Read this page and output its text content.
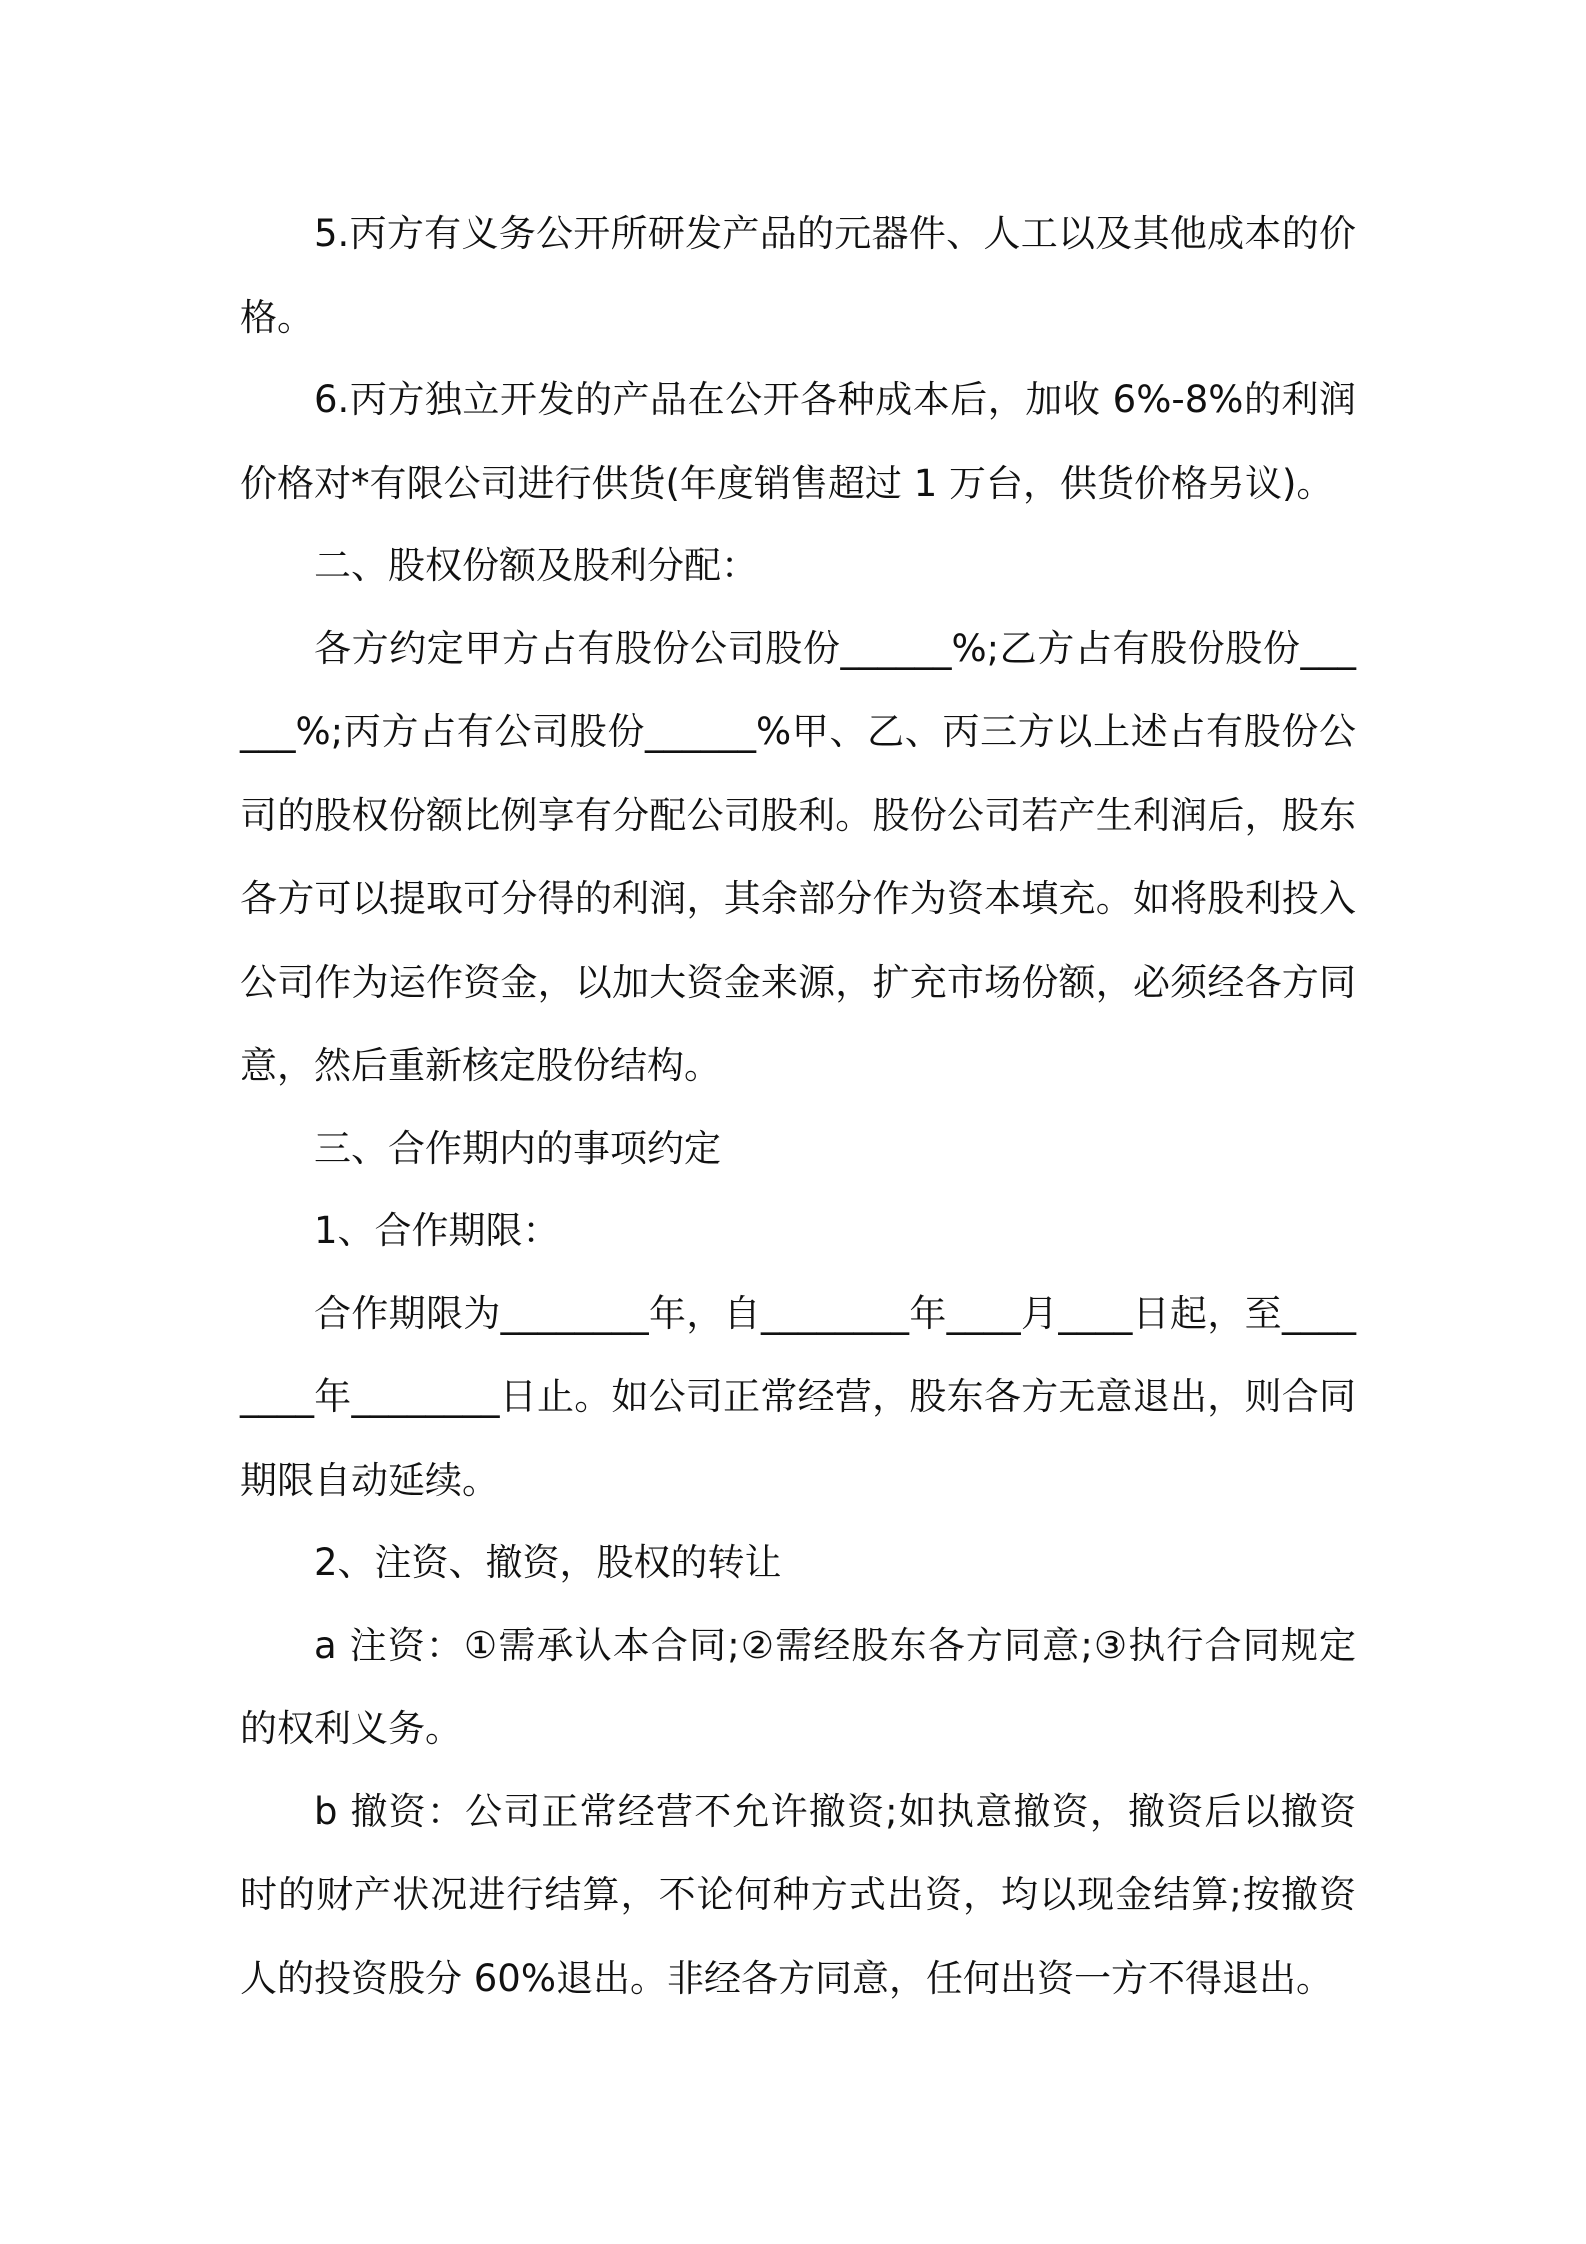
5.丙方有义务公开所研发产品的元器件、人工以及其他成本的价格。

6.丙方独立开发的产品在公开各种成本后，加收 6%-8%的利润价格对*有限公司进行供货(年度销售超过 1 万台，供货价格另议)。

二、股权份额及股利分配：

各方约定甲方占有股份公司股份______%;乙方占有股份股份______%;丙方占有公司股份______%甲、乙、丙三方以上述占有股份公司的股权份额比例享有分配公司股利。股份公司若产生利润后，股东各方可以提取可分得的利润，其余部分作为资本填充。如将股利投入公司作为运作资金，以加大资金来源，扩充市场份额，必须经各方同意，然后重新核定股份结构。

三、合作期内的事项约定

1、合作期限：

合作期限为________年，自________年____月____日起，至________年________日止。如公司正常经营，股东各方无意退出，则合同期限自动延续。

2、注资、撤资，股权的转让

a 注资：①需承认本合同;②需经股东各方同意;③执行合同规定的权利义务。

b 撤资：公司正常经营不允许撤资;如执意撤资，撤资后以撤资时的财产状况进行结算，不论何种方式出资，均以现金结算;按撤资人的投资股分 60%退出。非经各方同意，任何出资一方不得退出。
